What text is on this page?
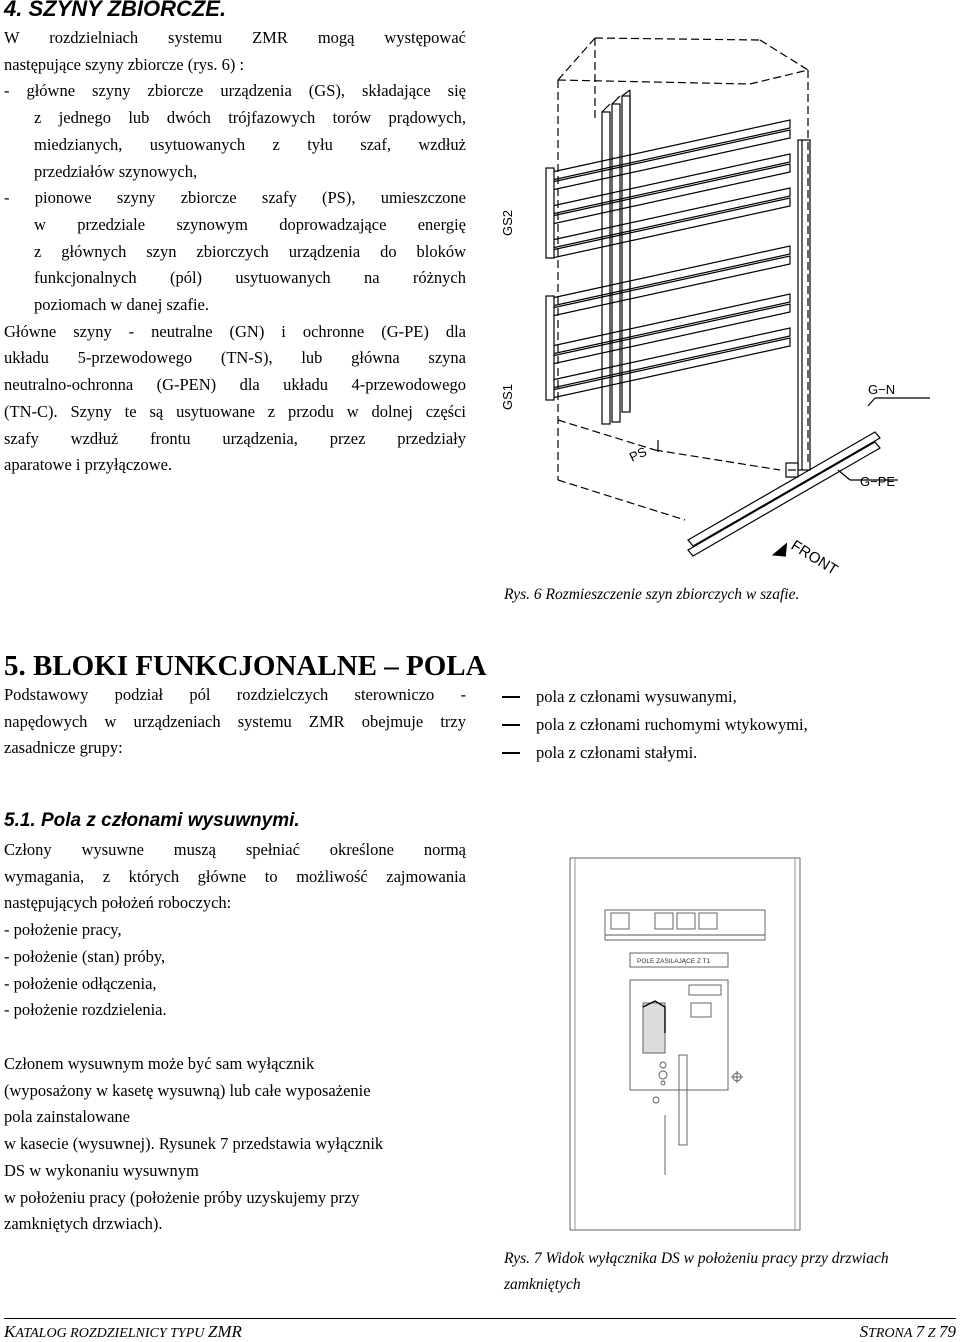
4. SZYNY ZBIORCZE.
W rozdzielniach systemu ZMR mogą występować
następujące szyny zbiorcze (rys. 6) :
- główne szyny zbiorcze urządzenia (GS), składające się
z jednego lub dwóch trójfazowych torów prądowych,
miedzianych, usytuowanych z tyłu szaf, wzdłuż
przedziałów szynowych,
- pionowe szyny zbiorcze szafy (PS), umieszczone
w przedziale szynowym doprowadzające energię
z głównych szyn zbiorczych urządzenia do bloków
funkcjonalnych (pól) usytuowanych na różnych
poziomach w danej szafie.
Główne szyny - neutralne (GN) i ochronne (G-PE) dla
układu 5-przewodowego (TN-S), lub główna szyna
neutralno-ochronna (G-PEN) dla układu 4-przewodowego
(TN-C). Szyny te są usytuowane z przodu w dolnej części
szafy wzdłuż frontu urządzenia, przez przedziały
aparatowe i przyłączowe.
GS2
GS1
PS
G−N
G−PE
FRONT
Rys. 6 Rozmieszczenie szyn zbiorczych w szafie.
5. BLOKI FUNKCJONALNE – POLA
Podstawowy podział pól rozdzielczych sterowniczo -
napędowych w urządzeniach systemu ZMR obejmuje trzy
zasadnicze grupy:
pola z członami wysuwanymi,
pola z członami ruchomymi wtykowymi,
pola z członami stałymi.
5.1. Pola z członami wysuwnymi.
Człony wysuwne muszą spełniać określone normą
wymagania, z których główne to możliwość zajmowania
następujących położeń roboczych:
- położenie pracy,
- położenie (stan) próby,
- położenie odłączenia,
- położenie rozdzielenia.
Członem wysuwnym może być sam wyłącznik
(wyposażony w kasetę wysuwną) lub całe wyposażenie
pola zainstalowane
w kasecie (wysuwnej). Rysunek 7 przedstawia wyłącznik
DS w wykonaniu wysuwnym
w położeniu pracy (położenie próby uzyskujemy przy
zamkniętych drzwiach).
POLE ZASILAJĄCE Z T1
Rys. 7 Widok wyłącznika DS w położeniu pracy przy drzwiach
zamkniętych
KATALOG ROZDZIELNICY TYPU ZMR	STRONA 7 Z 79
